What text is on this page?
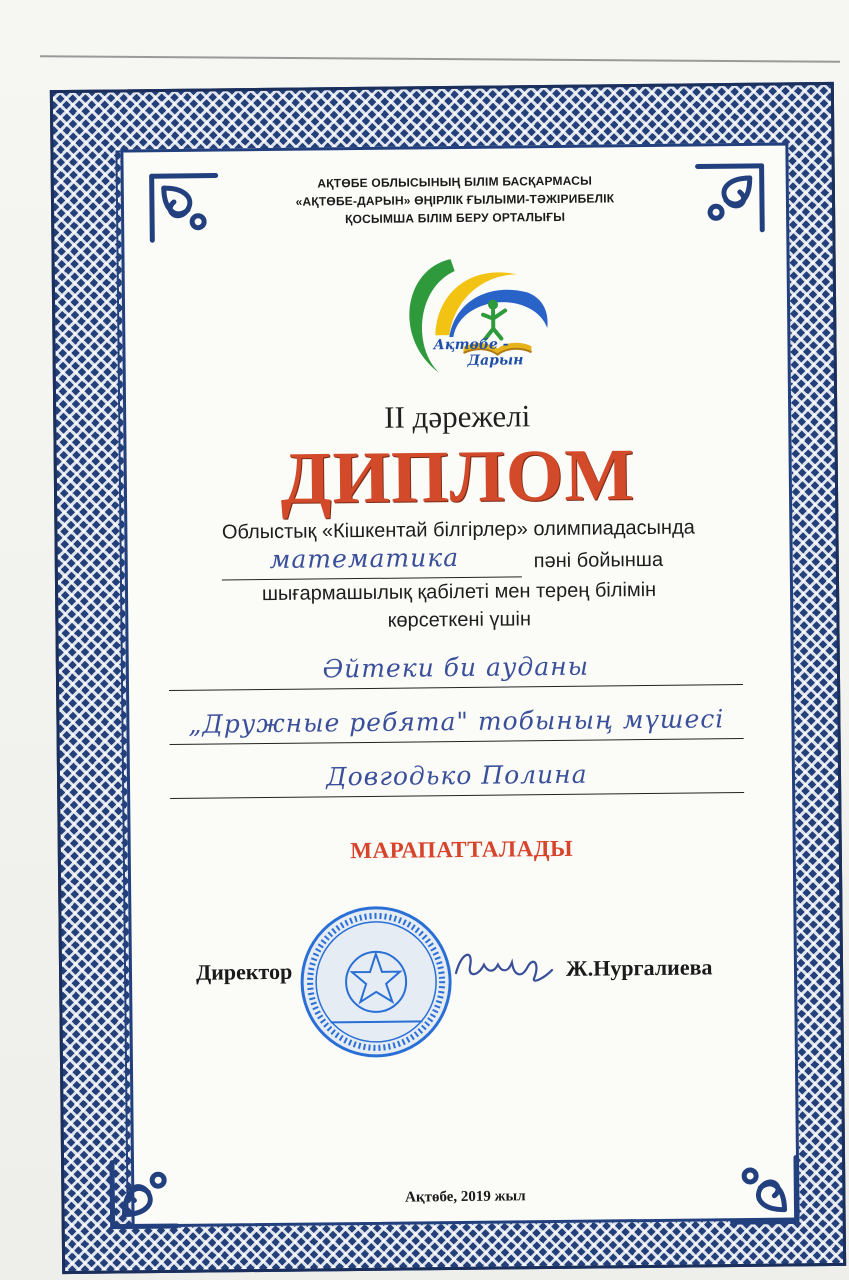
АҚТӨБЕ ОБЛЫСЫНЫҢ БІЛІМ БАСҚАРМАСЫ
«АҚТӨБЕ-ДАРЫН» ӨҢІРЛІК ҒЫЛЫМИ-ТӘЖІРИБЕЛІК
ҚОСЫМША БІЛІМ БЕРУ ОРТАЛЫҒЫ
Ақтөбе -
Дарын
II дәрежелі
ДИПЛОМ
Облыстық «Кішкентай білгірлер» олимпиадасында
математика	пәні бойынша
шығармашылық қабілеті мен терең білімін
көрсеткені үшін
Әйтеки би ауданы
„Дружные ребята" тобының мүшесі
Довгодько Полина
МАРАПАТТАЛАДЫ
Директор	Ж.Нургалиева
Ақтөбе, 2019 жыл
